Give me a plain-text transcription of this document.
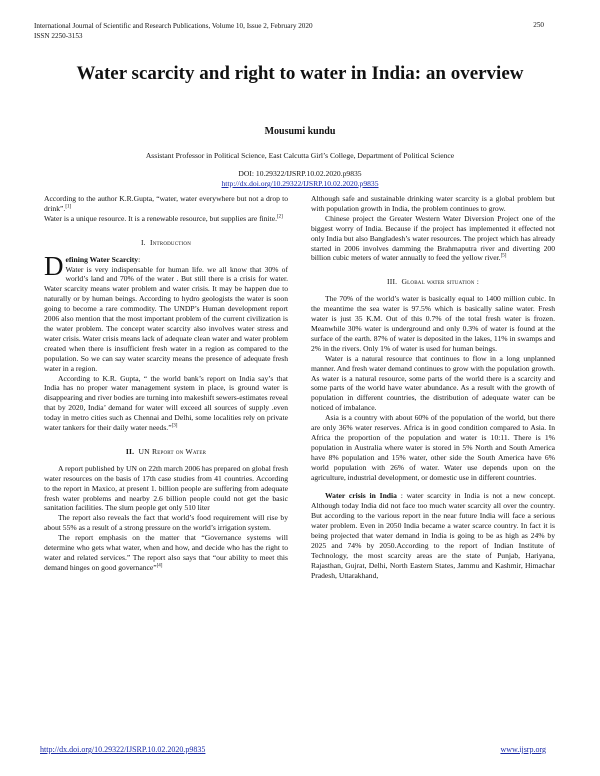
International Journal of Scientific and Research Publications, Volume 10, Issue 2, February 2020
ISSN 2250-3153
250
Water scarcity and right to water in India: an overview
Mousumi kundu
Assistant Professor in Political Science, East Calcutta Girl’s College, Department of Political Science
DOI: 10.29322/IJSRP.10.02.2020.p9835
http://dx.doi.org/10.29322/IJSRP.10.02.2020.p9835

According to the author K.R.Gupta, “water, water everywhere but not a drop to drink”.[1]

Water is a unique resource. It is a renewable resource, but supplies are finite.[2]

I. Introduction

Defining Water Scarcity:
Water is very indispensable for human life. we all know that 30% of world’s land and 70% of the water . But still there is a crisis for water. Water scarcity means water problem and water crisis. It may be happen due to naturally or by human beings. According to hydro geologists the water is soon going to become a rare commodity. The UNDP’s Human development report 2006 also mention that the most important problem of the current civilization is the water problem. The concept water scarcity also involves water stress and water crisis. Water crisis means lack of adequate clean water and water problem created when there is insufficient fresh water in a region as compared to the population. So we can say water scarcity means the presence of adequate fresh water in a region.

According to K.R. Gupta, “ the world bank’s report on India say’s that India has no proper water management system in place, is ground water is disappearing and river bodies are turning into makeshift sewers-estimates reveal that by 2020, India’ demand for water will exceed all sources of supply .even today in metro cities such as Chennai and Delhi, some localities rely on private water tankers for their daily water needs.”[3]

II. UN Report on Water

A report published by UN on 22th march 2006 has prepared on global fresh water resources on the basis of 17th case studies from 41 countries. According to the report in Maxico, at present 1. billion people are suffering from adequate fresh water problems and nearby 2.6 billion people could not get the basic sanitation facilities. The slum people get only 510 liter

The report also reveals the fact that world’s food requirement will rise by about 55% as a result of a strong pressure on the world’s irrigation system.

The report emphasis on the matter that “Governance systems will determine who gets what water, when and how, and decide who has the right to water and related services.” The report also says that “our ability to meet this demand hinges on good governance”[4]

Although safe and sustainable drinking water scarcity is a global problem but with population growth in India, the problem continues to grow.

Chinese project the Greater Western Water Diversion Project one of the biggest worry of India. Because if the project has implemented it effected not only India but also Bangladesh’s water resources. The project which has already started in 2006 involves damming the Brahmaputra river and diverting 200 billion cubic meters of water annually to feed the yellow river.[5]

III. Global water situation :

The 70% of the world’s water is basically equal to 1400 million cubic. In the meantime the sea water is 97.5% which is basically saline water. Fresh water is just 35 K.M. Out of this 0.7% of the total fresh water is frozen. Meanwhile 30% water is underground and only 0.3% of water is found at the surface of the earth. 87% of water is deposited in the lakes, 11% in swamps and 2% in the rivers. Only 1% of water is used for human beings.

Water is a natural resource that continues to flow in a long unplanned manner. And fresh water demand continues to grow with the population growth. As water is a natural resource, some parts of the world there is a scarcity and some parts of the world have water abundance. As a result with the growth of population in different countries, the distribution of adequate water can be noticed of imbalance.

Asia is a country with about 60% of the population of the world, but there are only 36% water reserves. Africa is in good condition compared to Asia. In Africa the proportion of the population and water is 10:11. There is 1% population in Australia where water is stored in 5% North and South America have 8% population and 15% water, other side the South America have 6% world population with 26% of water. Water use depends upon on the agriculture, industrial development, or domestic use in different countries.

Water crisis in India : water scarcity in India is not a new concept. Although today India did not face too much water scarcity all over the country. But according to the various report in the near future India will face a serious water problem. Even in 2050 India became a water scarce country. In fact it is being projected that water demand in India is going to be as high as 24% by 2025 and 74% by 2050.According to the report of Indian Institute of Technology, the most scarcity areas are the state of Punjab, Hariyana, Rajasthan, Gujrat, Delhi, North Eastern States, Jammu and Kashmir, Himachar Pradesh, Uttarakhand,

http://dx.doi.org/10.29322/IJSRP.10.02.2020.p9835	www.ijsrp.org
